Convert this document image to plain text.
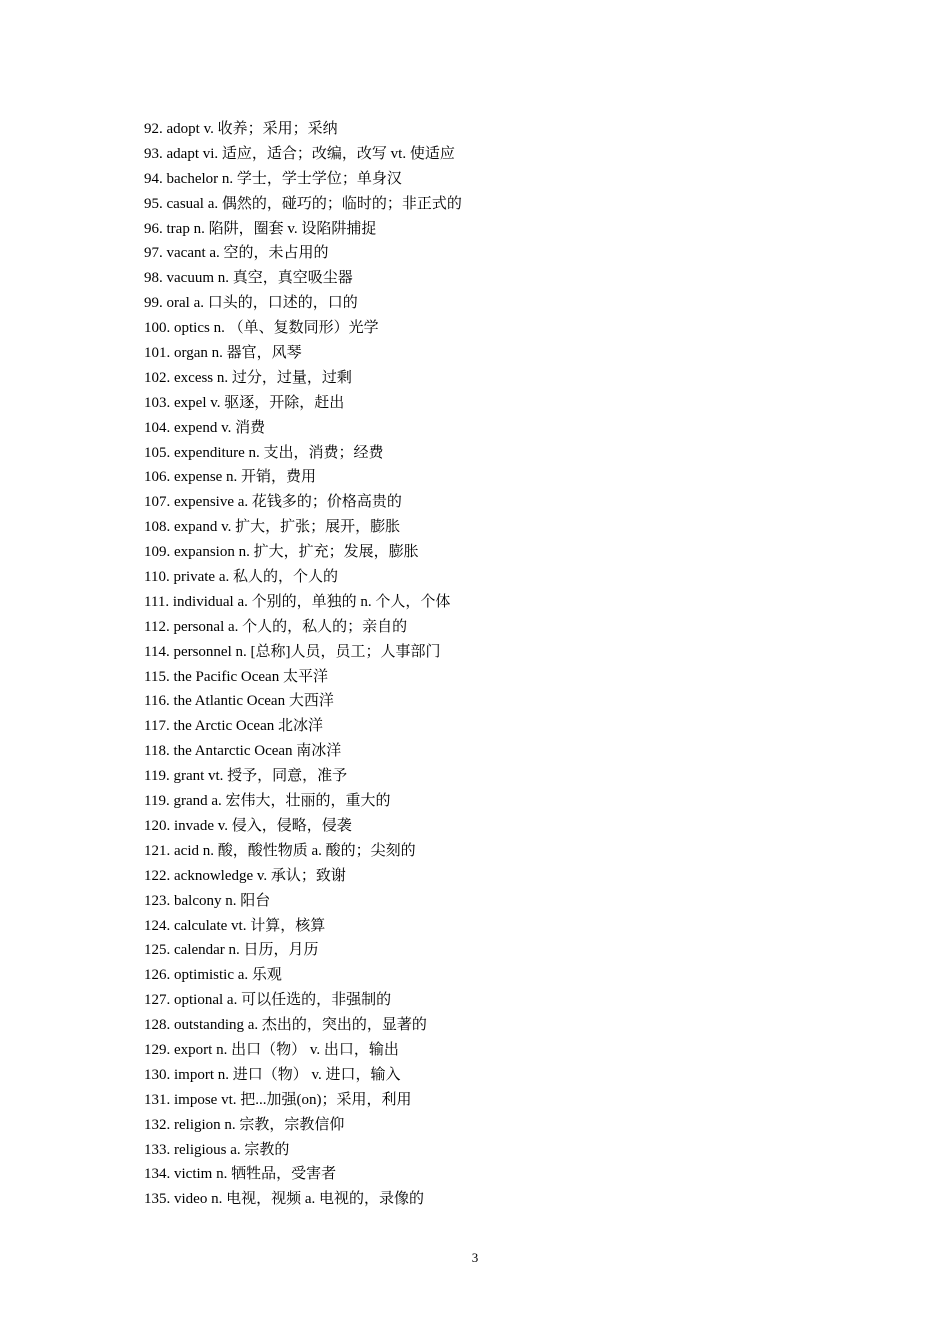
92. adopt v. 收养；采用；采纳
93. adapt vi. 适应，适合；改编，改写 vt. 使适应
94. bachelor n. 学士，学士学位；单身汉
95. casual a. 偶然的，碰巧的；临时的；非正式的
96. trap n. 陷阱，圈套 v. 设陷阱捕捉
97. vacant a. 空的，未占用的
98. vacuum n. 真空，真空吸尘器
99. oral a. 口头的，口述的，口的
100. optics n. （单、复数同形）光学
101. organ n. 器官，风琴
102. excess n. 过分，过量，过剩
103. expel v. 驱逐，开除，赶出
104. expend v. 消费
105. expenditure n. 支出，消费；经费
106. expense n. 开销，费用
107. expensive a. 花钱多的；价格高贵的
108. expand v. 扩大，扩张；展开，膨胀
109. expansion n. 扩大，扩充；发展，膨胀
110. private a. 私人的，个人的
111. individual a. 个别的，单独的 n. 个人，个体
112. personal a. 个人的，私人的；亲自的
114. personnel n. [总称]人员，员工；人事部门
115. the Pacific Ocean 太平洋
116. the Atlantic Ocean 大西洋
117. the Arctic Ocean 北冰洋
118. the Antarctic Ocean 南冰洋
119. grant vt. 授予，同意，准予
119. grand a. 宏伟大，壮丽的，重大的
120. invade v. 侵入，侵略，侵袭
121. acid n. 酸，酸性物质 a. 酸的；尖刻的
122. acknowledge v. 承认；致谢
123. balcony n. 阳台
124. calculate vt. 计算，核算
125. calendar n. 日历，月历
126. optimistic a. 乐观
127. optional a. 可以任选的，非强制的
128. outstanding a. 杰出的，突出的，显著的
129. export n. 出口（物） v. 出口，输出
130. import n. 进口（物） v. 进口，输入
131. impose vt. 把...加强(on)；采用，利用
132. religion n. 宗教，宗教信仰
133. religious a. 宗教的
134. victim n. 牺牲品，受害者
135. video n. 电视，视频 a. 电视的，录像的
3
